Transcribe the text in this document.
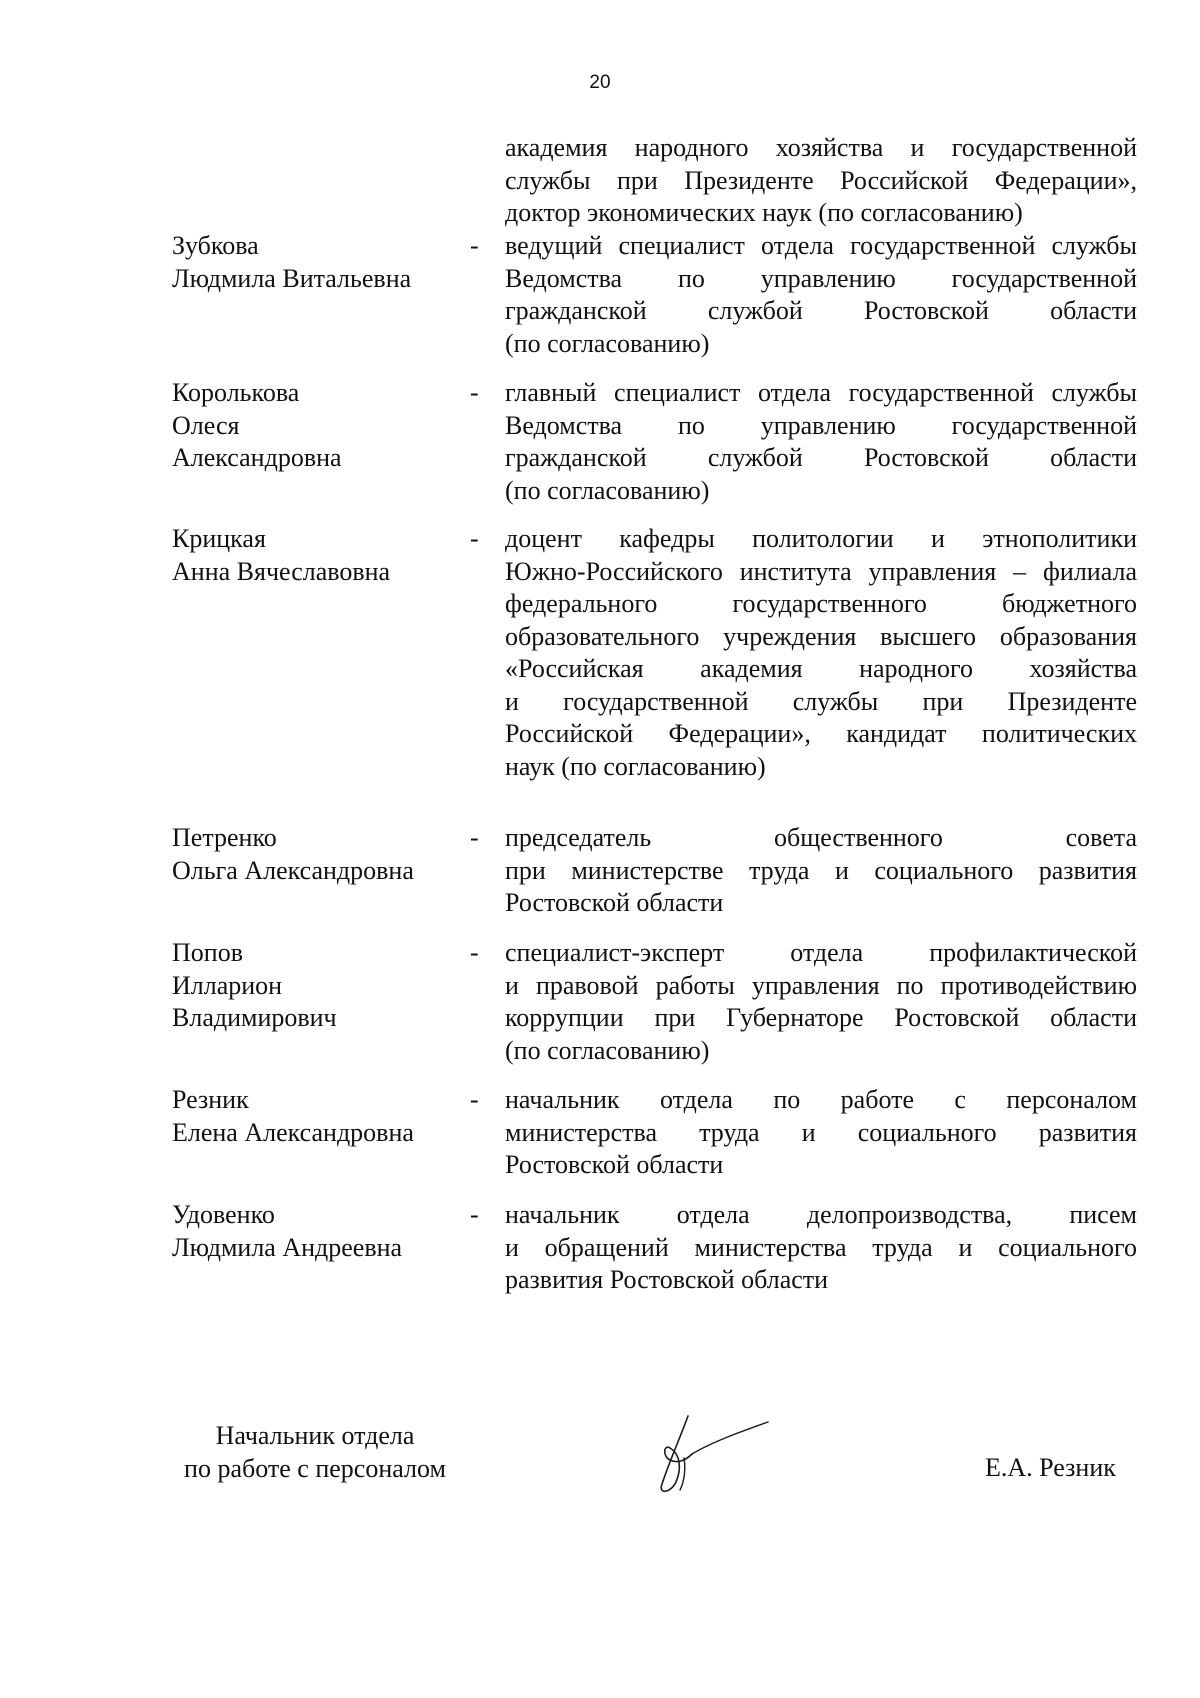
20
академия народного хозяйства и государственной
службы при Президенте Российской Федерации»,
доктор экономических наук (по согласованию)
Зубкова
Людмила Витальевна
- ведущий специалист отдела государственной службы
Ведомства по управлению государственной
гражданской службой Ростовской области
(по согласованию)
Королькова
Олеся
Александровна
- главный специалист отдела государственной службы
Ведомства по управлению государственной
гражданской службой Ростовской области
(по согласованию)
Крицкая
Анна Вячеславовна
- доцент кафедры политологии и этнополитики
Южно-Российского института управления – филиала
федерального государственного бюджетного
образовательного учреждения высшего образования
«Российская академия народного хозяйства
и государственной службы при Президенте
Российской Федерации», кандидат политических
наук (по согласованию)
Петренко
Ольга Александровна
- председатель общественного совета
при министерстве труда и социального развития
Ростовской области
Попов
Илларион
Владимирович
- специалист-эксперт отдела профилактической
и правовой работы управления по противодействию
коррупции при Губернаторе Ростовской области
(по согласованию)
Резник
Елена Александровна
- начальник отдела по работе с персоналом
министерства труда и социального развития
Ростовской области
Удовенко
Людмила Андреевна
- начальник отдела делопроизводства, писем
и обращений министерства труда и социального
развития Ростовской области
Начальник отдела
по работе с персоналом	Е.А. Резник
